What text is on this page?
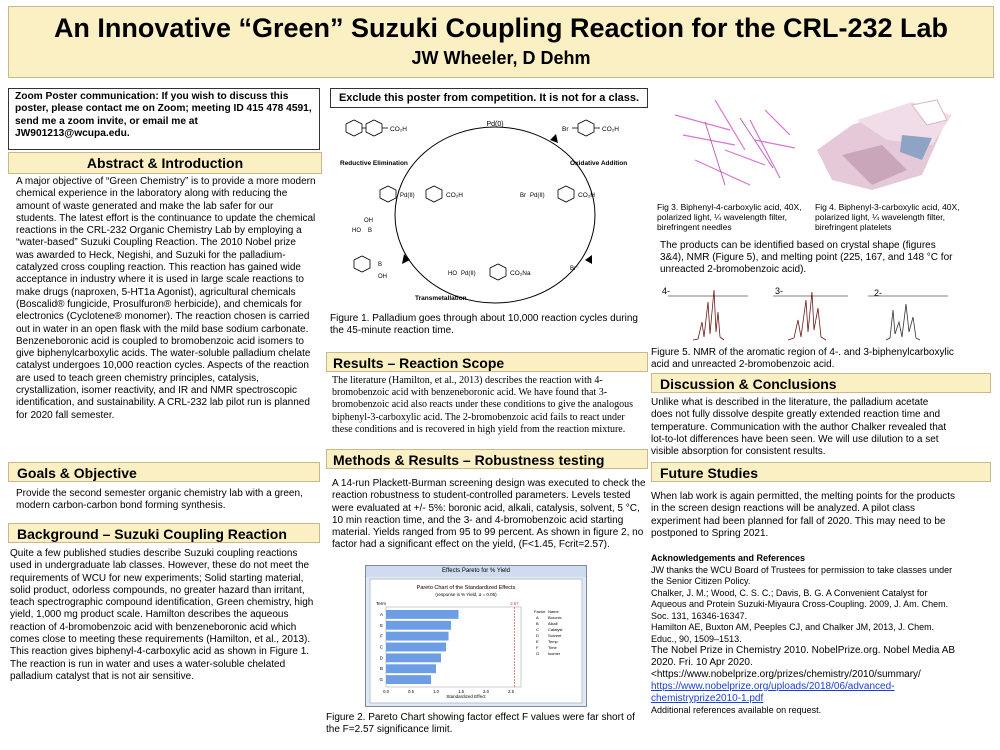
An Innovative “Green” Suzuki Coupling Reaction for the CRL-232 Lab
JW Wheeler, D Dehm
Zoom Poster communication: If you wish to discuss this poster, please contact me on Zoom; meeting ID 415 478 4591, send me a zoom invite, or email me at JW901213@wcupa.edu.
Abstract & Introduction
A major objective of “Green Chemistry” is to provide a more modern chemical experience in the laboratory along with reducing the amount of waste generated and make the lab safer for our students. The latest effort is the continuance to update the chemical reactions in the CRL-232 Organic Chemistry Lab by employing a “water-based” Suzuki Coupling Reaction. The 2010 Nobel prize was awarded to Heck, Negishi, and Suzuki for the palladium-catalyzed cross coupling reaction. This reaction has gained wide acceptance in industry where it is used in large scale reactions to make drugs (naproxen, 5-HT1a Agonist), agricultural chemicals (Boscalid® fungicide, Prosulfuron® herbicide), and chemicals for electronics (Cyclotene® monomer). The reaction chosen is carried out in water in an open flask with the mild base sodium carbonate. Benzeneboronic acid is coupled to bromobenzoic acid isomers to give biphenylcarboxylic acids. The water-soluble palladium chelate catalyst undergoes 10,000 reaction cycles. Aspects of the reaction are used to teach green chemistry principles, catalysis, crystallization, isomer reactivity, and IR and NMR spectroscopic identification, and sustainability. A CRL-232 lab pilot run is planned for 2020 fall semester.
Goals & Objective
Provide the second semester organic chemistry lab with a green, modern carbon-carbon bond forming synthesis.
Background – Suzuki Coupling Reaction
Quite a few published studies describe Suzuki coupling reactions used in undergraduate lab classes. However, these do not meet the requirements of WCU for new experiments; Solid starting material, solid product, odorless compounds, no greater hazard than irritant, teach spectrographic compound identification, Green chemistry, high yield, 1,000 mg product scale. Hamilton describes the aqueous reaction of 4-bromobenzoic acid with benzeneboronic acid which comes close to meeting these requirements (Hamilton, et al., 2013). This reaction gives biphenyl-4-carboxylic acid as shown in Figure 1. The reaction is run in water and uses a water-soluble chelated palladium catalyst that is not air sensitive.
Exclude this poster from competition. It is not for a class.
Pd(0)
CO₂H	Br	CO₂H
Reductive Elimination	Oxidative Addition
Pd(II)	CO₂H	Br Pd(II)	CO₂H
HO B
OH
B
OH	HO Pd(II)	CO₂Na
Br⁻
Transmetallation
Figure 1. Palladium goes through about 10,000 reaction cycles during the 45-minute reaction time.
Results – Reaction Scope
The literature (Hamilton, et al., 2013) describes the reaction with 4-bromobenzoic acid with benzeneboronic acid. We have found that 3-bromobenzoic acid also reacts under these conditions to give the analogous biphenyl-3-carboxylic acid. The 2-bromobenzoic acid fails to react under these conditions and is recovered in high yield from the reaction mixture.
Methods & Results – Robustness testing
A 14-run Plackett-Burman screening design was executed to check the reaction robustness to student-controlled parameters. Levels tested were evaluated at +/- 5%: boronic acid, alkali, catalysis, solvent, 5 °C, 10 min reaction time, and the 3- and 4-bromobenzoic acid starting material. Yields ranged from 95 to 99 percent. As shown in figure 2, no factor had a significant effect on the yield, (F<1.45, Fcrit=2.57).
Effects Pareto for % Yield
Pareto Chart of the Standardized Effects
(response is % Yield, α = 0.05)
Term
Standardized Effect
A
E
F
C
D
B
G
0.0	0.5	1.0	1.5	2.0	2.5
2.57
Factor Name
A Boronic
B Alkali
C Catalyst
D Solvent
E Temp
F Time
G Isomer
Figure 2. Pareto Chart showing factor effect F values were far short of the F=2.57 significance limit.
Fig 3. Biphenyl-4-carboxylic acid, 40X, polarized light, ¼ wavelength filter, birefringent needles
Fig 4. Biphenyl-3-carboxylic acid, 40X, polarized light, ¼ wavelength filter, birefringent platelets
The products can be identified based on crystal shape (figures 3&4), NMR (Figure 5), and melting point (225, 167, and 148 °C for unreacted 2-bromobenzoic acid).
4-	3-	2-
Figure 5. NMR of the aromatic region of 4-. and 3-biphenylcarboxylic acid and unreacted 2-bromobenzoic acid.
Discussion & Conclusions
Unlike what is described in the literature, the palladium acetate does not fully dissolve despite greatly extended reaction time and temperature. Communication with the author Chalker revealed that lot-to-lot differences have been seen. We will use dilution to a set visible absorption for consistent results.
Future Studies
When lab work is again permitted, the melting points for the products in the screen design reactions will be analyzed. A pilot class experiment had been planned for fall of 2020. This may need to be postponed to Spring 2021.
Acknowledgements and References
JW thanks the WCU Board of Trustees for permission to take classes under the Senior Citizen Policy.
Chalker, J. M.; Wood, C. S. C.; Davis, B. G. A Convenient Catalyst for Aqueous and Protein Suzuki-Miyaura Cross-Coupling. 2009, J. Am. Chem. Soc. 131, 16346-16347.
Hamilton AE, Buxton AM, Peeples CJ, and Chalker JM, 2013, J. Chem. Educ., 90, 1509–1513.
The Nobel Prize in Chemistry 2010. NobelPrize.org. Nobel Media AB 2020. Fri. 10 Apr 2020. <https://www.nobelprize.org/prizes/chemistry/2010/summary/
https://www.nobelprize.org/uploads/2018/06/advanced-chemistryprize2010-1.pdf
Additional references available on request.
